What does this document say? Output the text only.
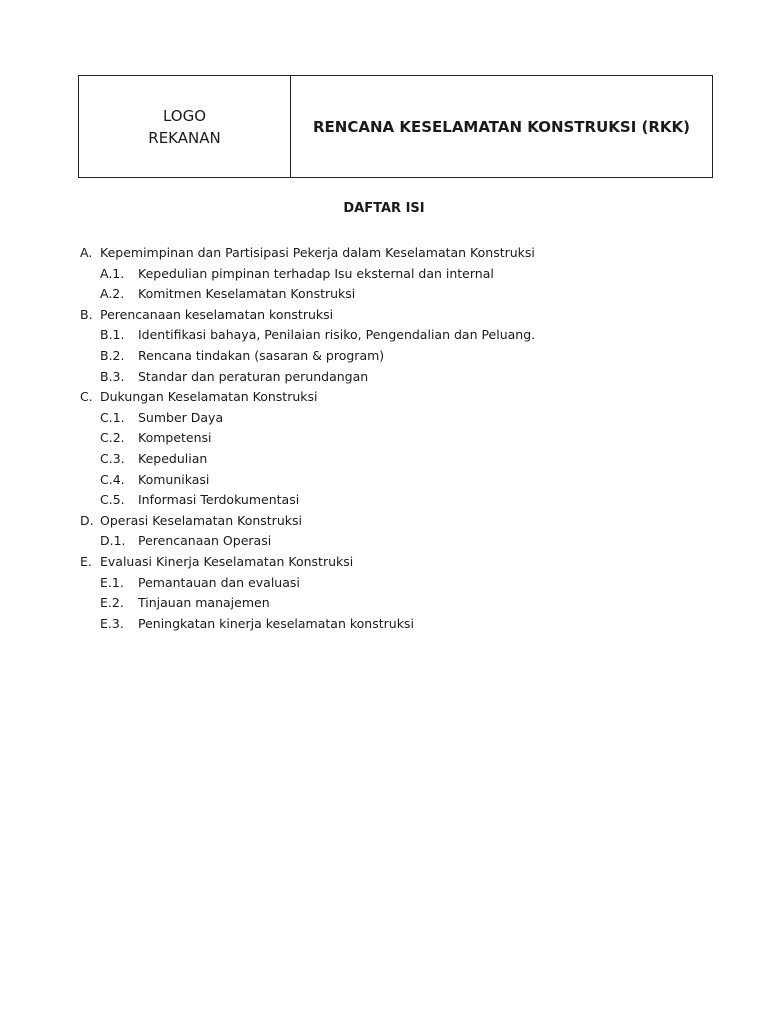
LOGO
REKANAN
RENCANA KESELAMATAN KONSTRUKSI (RKK)
DAFTAR ISI
A. Kepemimpinan dan Partisipasi Pekerja dalam Keselamatan Konstruksi
A.1.	Kepedulian pimpinan terhadap Isu eksternal dan internal
A.2.	Komitmen Keselamatan Konstruksi
B. Perencanaan keselamatan konstruksi
B.1.	Identifikasi bahaya, Penilaian risiko, Pengendalian dan Peluang.
B.2.	Rencana tindakan (sasaran & program)
B.3.	Standar dan peraturan perundangan
C. Dukungan Keselamatan Konstruksi
C.1.	Sumber Daya
C.2.	Kompetensi
C.3.	Kepedulian
C.4.	Komunikasi
C.5.	Informasi Terdokumentasi
D. Operasi Keselamatan Konstruksi
D.1. Perencanaan Operasi
E. Evaluasi Kinerja Keselamatan Konstruksi
E.1.	Pemantauan dan evaluasi
E.2.	Tinjauan manajemen
E.3.	Peningkatan kinerja keselamatan konstruksi
